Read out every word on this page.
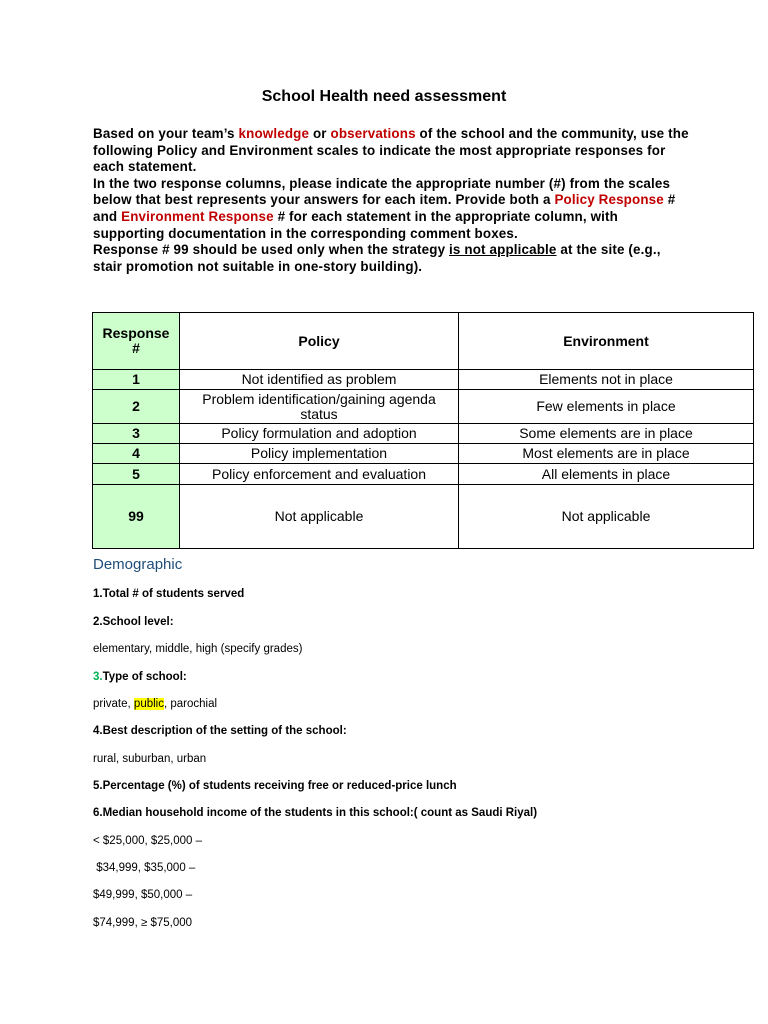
School Health need assessment

Based on your team’s knowledge or observations of the school and the community, use the following Policy and Environment scales to indicate the most appropriate responses for each statement.

In the two response columns, please indicate the appropriate number (#) from the scales below that best represents your answers for each item. Provide both a Policy Response # and Environment Response # for each statement in the appropriate column, with supporting documentation in the corresponding comment boxes.

Response # 99 should be used only when the strategy is not applicable at the site (e.g., stair promotion not suitable in one-story building).

Response #	Policy	Environment
1	Not identified as problem	Elements not in place
2	Problem identification/gaining agenda status	Few elements in place
3	Policy formulation and adoption	Some elements are in place
4	Policy implementation	Most elements are in place
5	Policy enforcement and evaluation	All elements in place
99	Not applicable	Not applicable
Demographic
1.Total # of students served
2.School level:
elementary, middle, high (specify grades)
3.Type of school:
private, public, parochial
4.Best description of the setting of the school:
rural, suburban, urban
5.Percentage (%) of students receiving free or reduced-price lunch
6.Median household income of the students in this school:( count as Saudi Riyal)
< $25,000, $25,000 –
$34,999, $35,000 –
$49,999, $50,000 –
$74,999, ≥ $75,000
